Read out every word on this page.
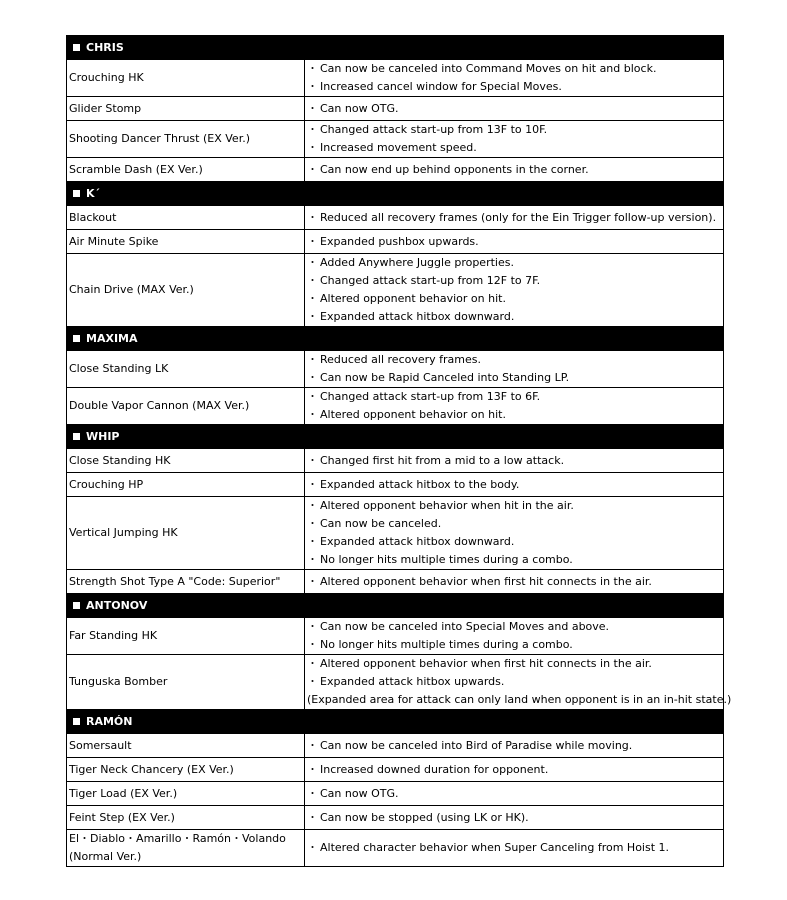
CHRIS	
Crouching HK	・ Can now be canceled into Command Moves on hit and block.
・ Increased cancel window for Special Moves.

Glider Stomp	・ Can now OTG.

Shooting Dancer Thrust (EX Ver.)	・ Changed attack start-up from 13F to 10F.
・ Increased movement speed.

Scramble Dash (EX Ver.)	・ Can now end up behind opponents in the corner.

K´	
Blackout	・ Reduced all recovery frames (only for the Ein Trigger follow-up version).

Air Minute Spike	・ Expanded pushbox upwards.

Chain Drive (MAX Ver.)	・ Added Anywhere Juggle properties.
・ Changed attack start-up from 12F to 7F.
・ Altered opponent behavior on hit.
・ Expanded attack hitbox downward.

MAXIMA	
Close Standing LK	・ Reduced all recovery frames.
・ Can now be Rapid Canceled into Standing LP.

Double Vapor Cannon (MAX Ver.)	・ Changed attack start-up from 13F to 6F.
・ Altered opponent behavior on hit.

WHIP	
Close Standing HK	・ Changed first hit from a mid to a low attack.

Crouching HP	・ Expanded attack hitbox to the body.

Vertical Jumping HK	・ Altered opponent behavior when hit in the air.
・ Can now be canceled.
・ Expanded attack hitbox downward.
・ No longer hits multiple times during a combo.

Strength Shot Type A "Code: Superior"	・ Altered opponent behavior when first hit connects in the air.

ANTONOV	
Far Standing HK	・ Can now be canceled into Special Moves and above.
・ No longer hits multiple times during a combo.

Tunguska Bomber	・ Altered opponent behavior when first hit connects in the air.
・ Expanded attack hitbox upwards.
(Expanded area for attack can only land when opponent is in an in-hit state.)

RAMÓN	
Somersault	・ Can now be canceled into Bird of Paradise while moving.

Tiger Neck Chancery (EX Ver.)	・ Increased downed duration for opponent.

Tiger Load (EX Ver.)	・ Can now OTG.

Feint Step (EX Ver.)	・ Can now be stopped (using LK or HK).

El・Diablo・Amarillo・Ramón・Volando (Normal Ver.)	・ Altered character behavior when Super Canceling from Hoist 1.
